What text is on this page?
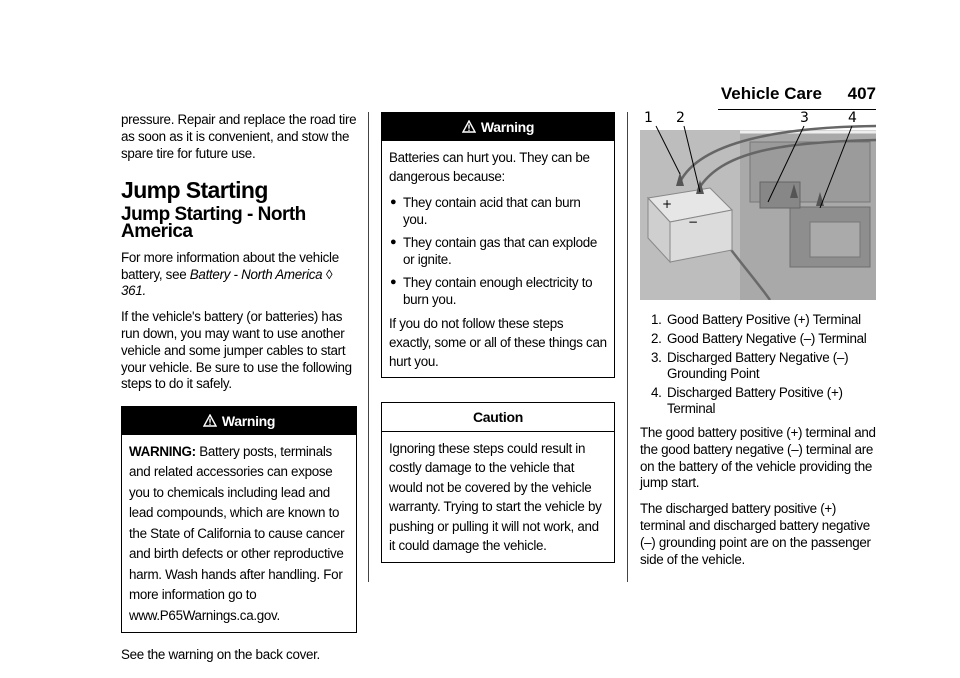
Vehicle Care 407

pressure. Repair and replace the road tire as soon as it is convenient, and stow the spare tire for future use.

Jump Starting
Jump Starting - North America

For more information about the vehicle battery, see Battery - North America ◊ 361.

If the vehicle's battery (or batteries) has run down, you may want to use another vehicle and some jumper cables to start your vehicle. Be sure to use the following steps to do it safely.

Warning

WARNING: Battery posts, terminals and related accessories can expose you to chemicals including lead and lead compounds, which are known to the State of California to cause cancer and birth defects or other reproductive harm. Wash hands after handling. For more information go to www.P65Warnings.ca.gov.

See the warning on the back cover.

Warning

Batteries can hurt you. They can be dangerous because:

● They contain acid that can burn you.
● They contain gas that can explode or ignite.
● They contain enough electricity to burn you.

If you do not follow these steps exactly, some or all of these things can hurt you.

Caution

Ignoring these steps could result in costly damage to the vehicle that would not be covered by the vehicle warranty. Trying to start the vehicle by pushing or pulling it will not work, and it could damage the vehicle.

+
−
1 2	3	4
1. Good Battery Positive (+) Terminal
2. Good Battery Negative (–) Terminal
3. Discharged Battery Negative (–) Grounding Point
4. Discharged Battery Positive (+) Terminal

The good battery positive (+) terminal and the good battery negative (–) terminal are on the battery of the vehicle providing the jump start.

The discharged battery positive (+) terminal and discharged battery negative (–) grounding point are on the passenger side of the vehicle.
